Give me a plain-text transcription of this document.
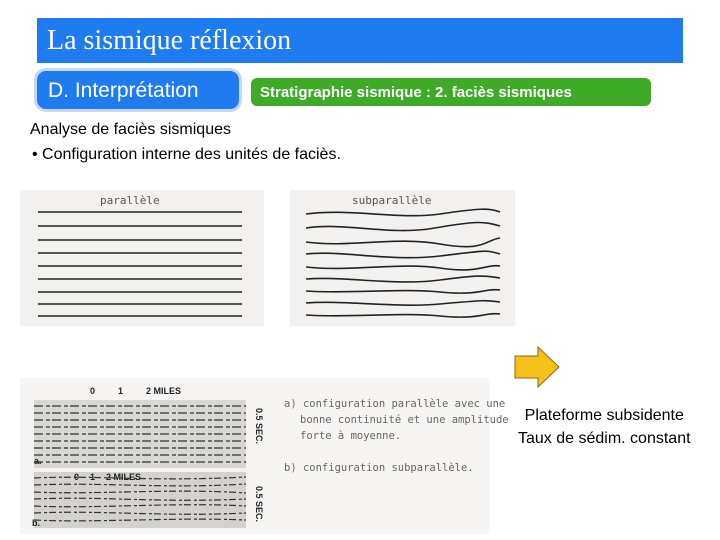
La sismique réflexion
D. Interprétation	Stratigraphie sismique : 2. faciès sismiques
Analyse de faciès sismiques
• Configuration interne des unités de faciès.
parallèle	subparallèle
0	1	2 MILES
0 1 2 MILES
0.5 SEC.
0.5 SEC.
a.
b.
a) configuration parallèle avec une
bonne continuité et une amplitude
forte à moyenne.
b) configuration subparallèle.
Plateforme subsidente
Taux de sédim. constant
